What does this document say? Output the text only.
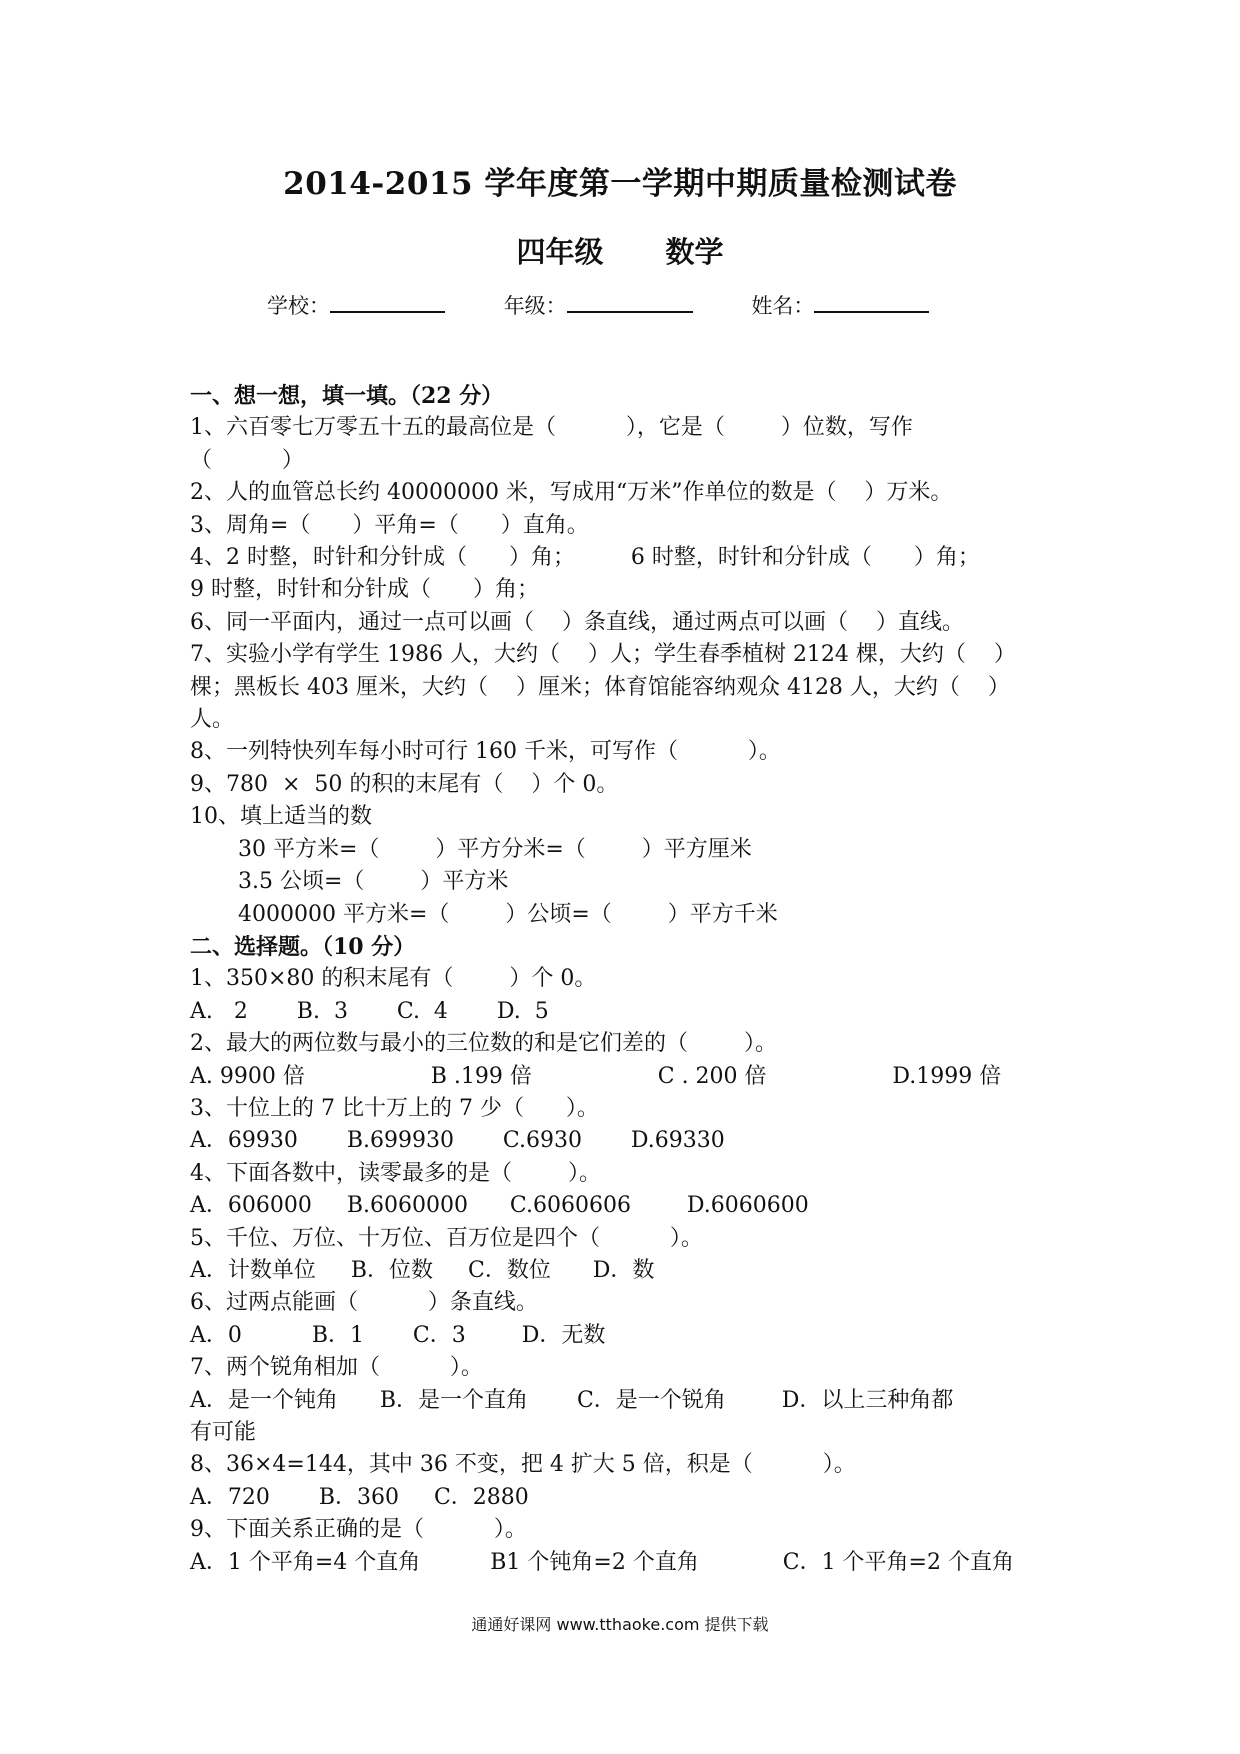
2014-2015 学年度第一学期中期质量检测试卷
四年级 数学
学校：	年级：	姓名：

一、想一想，填一填。（22 分）

1、六百零七万零五十五的最高位是（          ），它是（        ）位数，写作

（          ）

2、人的血管总长约 40000000 米，写成用“万米”作单位的数是（    ）万米。

3、周角=（      ）平角=（      ）直角。

4、2 时整，时针和分针成（      ）角；        6 时整，时针和分针成（      ）角；

9 时整，时针和分针成（      ）角；

6、同一平面内，通过一点可以画（    ）条直线，通过两点可以画（    ）直线。

7、实验小学有学生 1986 人，大约（    ）人；学生春季植树 2124 棵，大约（    ）

棵；黑板长 403 厘米，大约（    ）厘米；体育馆能容纳观众 4128 人，大约（    ）

人。

8、一列特快列车每小时可行 160 千米，可写作（          ）。

9、780  ×  50 的积的末尾有（    ）个 0。

10、填上适当的数

30 平方米=（        ）平方分米=（        ）平方厘米

3.5 公顷=（        ）平方米

4000000 平方米=（        ）公顷=（        ）平方千米

二、选择题。（10 分）

1、350×80 的积末尾有（        ）个 0。

A.   2       B.  3       C.  4       D.  5

2、最大的两位数与最小的三位数的和是它们差的（        ）。

A. 9900 倍                  B .199 倍                  C . 200 倍                  D.1999 倍

3、十位上的 7 比十万上的 7 少（      ）。

A．69930       B.699930       C.6930       D.69330

4、下面各数中，读零最多的是（        ）。

A．606000     B.6060000      C.6060606        D.6060600

5、千位、万位、十万位、百万位是四个（          ）。

A．计数单位     B．位数     C．数位      D．数

6、过两点能画（          ）条直线。

A．0          B．1       C．3        D．无数

7、两个锐角相加（          ）。

A．是一个钝角      B．是一个直角       C．是一个锐角        D．以上三种角都

有可能

8、36×4=144，其中 36 不变，把 4 扩大 5 倍，积是（          ）。

A．720       B．360     C．2880

9、下面关系正确的是（          ）。

A．1 个平角=4 个直角          B1 个钝角=2 个直角            C．1 个平角=2 个直角

通通好课网 www.tthaoke.com 提供下载
